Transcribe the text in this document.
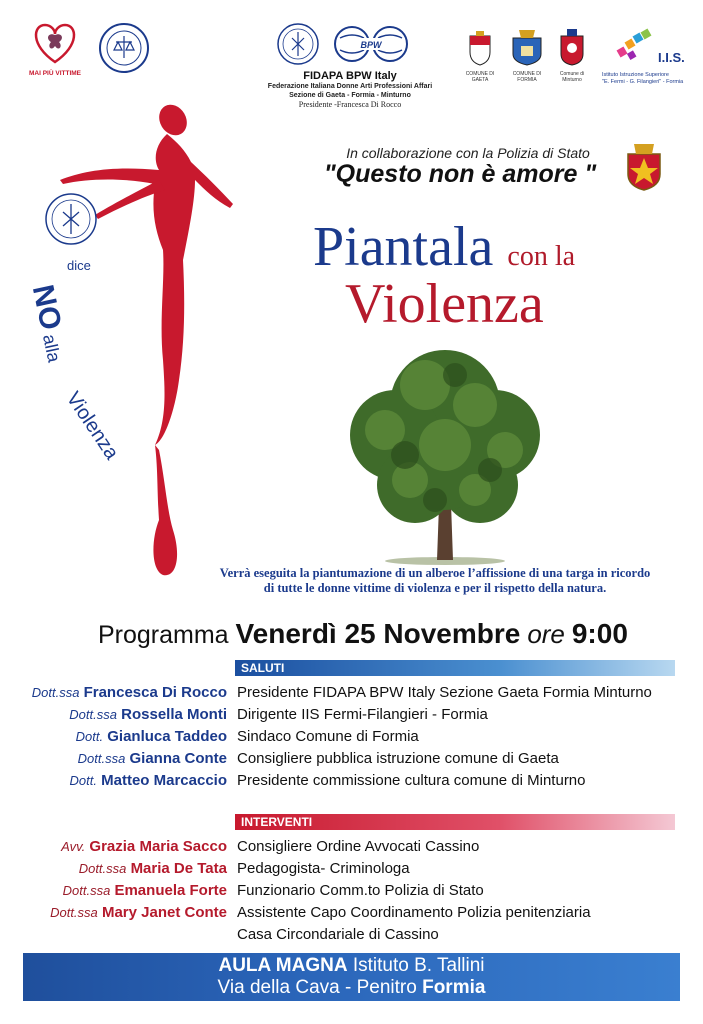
MAI PIÙ VITTIME
BPW
FIDAPA BPW Italy
Federazione Italiana Donne Arti Professioni Affari
Sezione di Gaeta - Formia - Minturno
Presidente -Francesca Di Rocco
COMUNE DI GAETA
COMUNE DI FORMIA
Comune di Minturno
I.I.S.
Istituto Istruzione Superiore
"E. Fermi - G. Filangieri" - Formia
dice
NO alla
Violenza
In collaborazione con la Polizia di Stato
"Questo non è amore "
Piantala con la
Violenza
Verrà eseguita la piantumazione di un alberoe l’affissione di una targa in ricordo
di tutte le donne vittime di violenza e per il rispetto della natura.
Programma Venerdì 25 Novembre ore 9:00
SALUTI
Dott.ssa Francesca Di Rocco Presidente FIDAPA BPW Italy Sezione Gaeta Formia Minturno
Dott.ssa Rossella Monti Dirigente IIS Fermi-Filangieri - Formia
Dott. Gianluca Taddeo Sindaco Comune di Formia
Dott.ssa Gianna Conte Consigliere pubblica istruzione comune di Gaeta
Dott. Matteo Marcaccio Presidente commissione cultura comune di Minturno
INTERVENTI
Avv. Grazia Maria Sacco Consigliere Ordine Avvocati Cassino
Dott.ssa Maria De Tata Pedagogista- Criminologa
Dott.ssa Emanuela Forte Funzionario Comm.to Polizia di Stato
Dott.ssa Mary Janet Conte Assistente Capo Coordinamento Polizia penitenziaria
Casa Circondariale di Cassino
AULA MAGNA Istituto B. Tallini
Via della Cava - Penitro Formia
